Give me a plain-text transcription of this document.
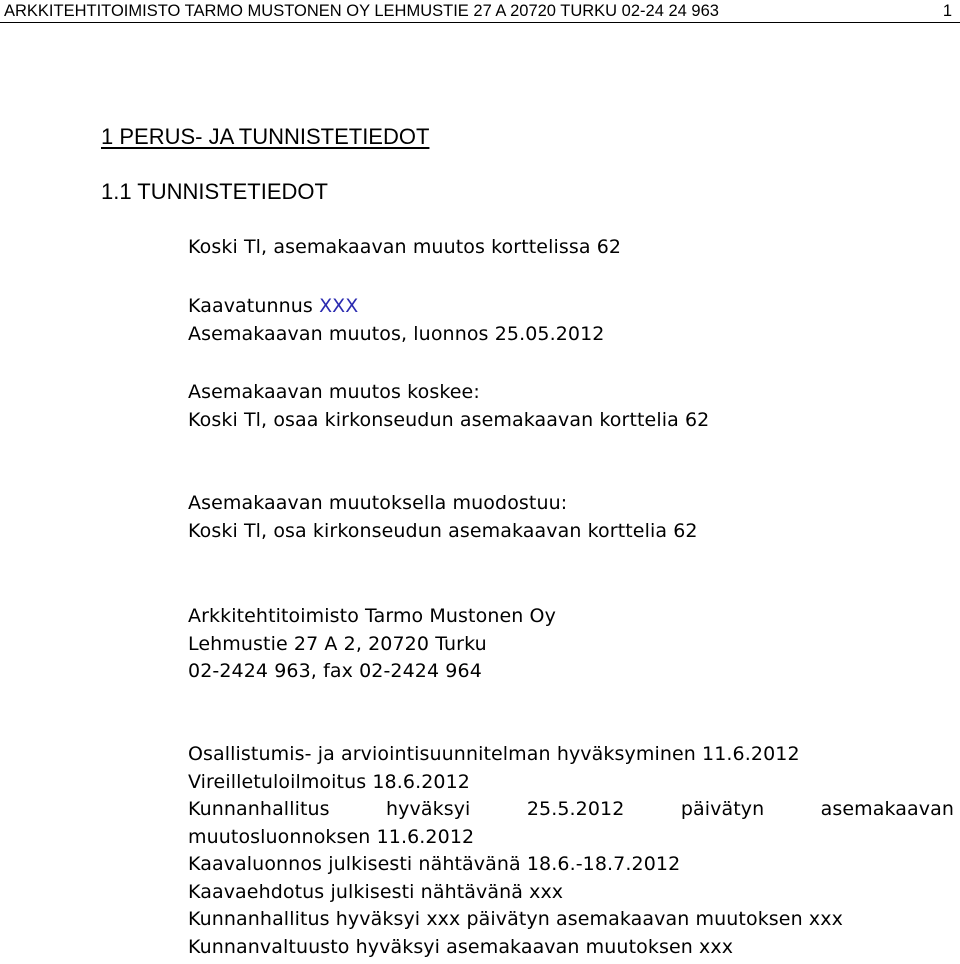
ARKKITEHTITOIMISTO TARMO MUSTONEN OY LEHMUSTIE 27 A 20720 TURKU 02-24 24 963	1
1 PERUS- JA TUNNISTETIEDOT
1.1 TUNNISTETIEDOT
Koski Tl, asemakaavan muutos korttelissa 62
Kaavatunnus XXX
Asemakaavan muutos, luonnos 25.05.2012
Asemakaavan muutos koskee:
Koski Tl, osaa kirkonseudun asemakaavan korttelia 62
Asemakaavan muutoksella muodostuu:
Koski Tl, osa kirkonseudun asemakaavan korttelia 62
Arkkitehtitoimisto Tarmo Mustonen Oy
Lehmustie 27 A 2, 20720 Turku
02-2424 963, fax 02-2424 964
Osallistumis- ja arviointisuunnitelman hyväksyminen 11.6.2012
Vireilletuloilmoitus 18.6.2012
Kunnanhallitus hyväksyi 25.5.2012 päivätyn asemakaavan
muutosluonnoksen 11.6.2012
Kaavaluonnos julkisesti nähtävänä 18.6.-18.7.2012
Kaavaehdotus julkisesti nähtävänä xxx
Kunnanhallitus hyväksyi xxx päivätyn asemakaavan muutoksen xxx
Kunnanvaltuusto hyväksyi asemakaavan muutoksen xxx
